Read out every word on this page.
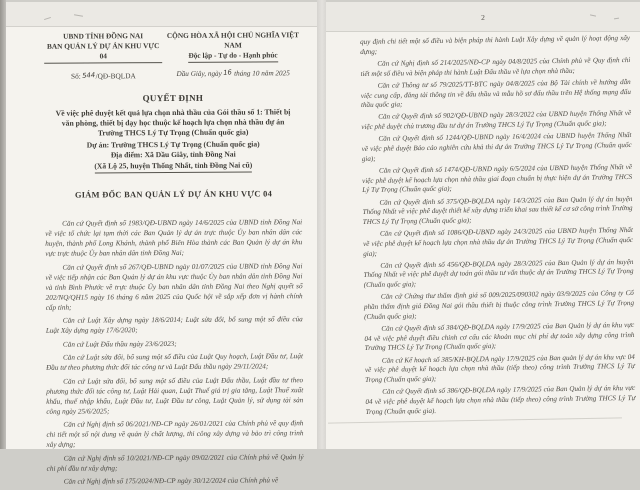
UBND TỈNH ĐỒNG NAI
BAN QUẢN LÝ DỰ ÁN KHU VỰC 04
Số: 544/QĐ-BQLDA
CỘNG HÒA XÃ HỘI CHỦ NGHĨA VIỆT NAM
Độc lập - Tự do - Hạnh phúc
Dầu Giây, ngày 16 tháng 10 năm 2025
QUYẾT ĐỊNH
Về việc phê duyệt kết quả lựa chọn nhà thầu của Gói thầu số 1: Thiết bị văn phòng, thiết bị dạy học thuộc kế hoạch lựa chọn nhà thầu dự án Trường THCS Lý Tự Trọng (Chuẩn quốc gia)
Dự án: Trường THCS Lý Tự Trọng (Chuẩn quốc gia)
Địa điểm: Xã Dầu Giây, tỉnh Đồng Nai
(Xã Lộ 25, huyện Thống Nhất, tỉnh Đồng Nai cũ)
GIÁM ĐỐC BAN QUẢN LÝ DỰ ÁN KHU VỰC 04

Căn cứ Quyết định số 1983/QĐ-UBND ngày 14/6/2025 của UBND tỉnh Đồng Nai về việc tổ chức lại tạm thời các Ban Quản lý dự án trực thuộc Ủy ban nhân dân các huyện, thành phố Long Khánh, thành phố Biên Hòa thành các Ban Quản lý dự án khu vực trực thuộc Ủy ban nhân dân tỉnh Đồng Nai;

Căn cứ Quyết định số 267/QĐ-UBND ngày 01/07/2025 của UBND tỉnh Đồng Nai về việc tiếp nhận các Ban Quản lý dự án khu vực thuộc Ủy ban nhân dân tỉnh Đồng Nai và tỉnh Bình Phước về trực thuộc Ủy ban nhân dân tỉnh Đồng Nai theo Nghị quyết số 202/NQ/QH15 ngày 16 tháng 6 năm 2025 của Quốc hội về sắp xếp đơn vị hành chính cấp tỉnh;

Căn cứ Luật Xây dựng ngày 18/6/2014; Luật sửa đổi, bổ sung một số điều của Luật Xây dựng ngày 17/6/2020;

Căn cứ Luật Đấu thầu ngày 23/6/2023;

Căn cứ Luật sửa đổi, bổ sung một số điều của Luật Quy hoạch, Luật Đầu tư, Luật Đầu tư theo phương thức đối tác công tư và Luật Đấu thầu ngày 29/11/2024;

Căn cứ Luật sửa đổi, bổ sung một số điều của Luật Đấu thầu, Luật đầu tư theo phương thức đối tác công tư, Luật Hải quan, Luật Thuế giá trị gia tăng, Luật Thuế xuất khẩu, thuế nhập khẩu, Luật Đầu tư, Luật Đầu tư công, Luật Quản lý, sử dụng tài sản công ngày 25/6/2025;

Căn cứ Nghị định số 06/2021/NĐ-CP ngày 26/01/2021 của Chính phủ về quy định chi tiết một số nội dung về quản lý chất lượng, thi công xây dựng và bảo trì công trình xây dựng;

Căn cứ Nghị định số 10/2021/NĐ-CP ngày 09/02/2021 của Chính phủ về Quản lý chi phí đầu tư xây dựng;

Căn cứ Nghị định số 175/2024/NĐ-CP ngày 30/12/2024 của Chính phủ về

2

quy định chi tiết một số điều và biện pháp thi hành Luật Xây dựng về quản lý hoạt động xây dựng;

Căn cứ Nghị định số 214/2025/NĐ-CP ngày 04/8/2025 của Chính phủ về Quy định chi tiết một số điều và biện pháp thi hành Luật Đấu thầu về lựa chọn nhà thầu;

Căn cứ Thông tư số 79/2025/TT-BTC ngày 04/8/2025 của Bộ Tài chính về hướng dẫn việc cung cấp, đăng tải thông tin về đấu thầu và mẫu hồ sơ đấu thầu trên Hệ thống mạng đấu thầu quốc gia;

Căn cứ Quyết định số 902/QĐ-UBND ngày 28/3/2022 của UBND huyện Thống Nhất về việc phê duyệt chủ trương đầu tư dự án Trường THCS Lý Tự Trọng (Chuẩn quốc gia);

Căn cứ Quyết định số 1244/QĐ-UBND ngày 16/4/2024 của UBND huyện Thống Nhất về việc phê duyệt Báo cáo nghiên cứu khả thi dự án Trường THCS Lý Tự Trọng (Chuẩn quốc gia);

Căn cứ Quyết định số 1474/QĐ-UBND ngày 6/5/2024 của UBND huyện Thống Nhất về việc phê duyệt kế hoạch lựa chọn nhà thầu giai đoạn chuẩn bị thực hiện dự án Trường THCS Lý Tự Trọng (Chuẩn quốc gia);

Căn cứ Quyết định số 375/QĐ-BQLDA ngày 14/3/2025 của Ban Quản lý dự án huyện Thống Nhất về việc phê duyệt thiết kế xây dựng triển khai sau thiết kế cơ sở công trình Trường THCS Lý Tự Trọng (Chuẩn quốc gia);

Căn cứ Quyết định số 1086/QĐ-UBND ngày 24/3/2025 của UBND huyện Thống Nhất về việc phê duyệt kế hoạch lựa chọn nhà thầu dự án Trường THCS Lý Tự Trọng (Chuẩn quốc gia);

Căn cứ Quyết định số 456/QĐ-BQLDA ngày 28/3/2025 của Ban Quản lý dự án huyện Thống Nhất về việc phê duyệt dự toán gói thầu tư vấn thuộc dự án Trường THCS Lý Tự Trọng (Chuẩn quốc gia);

Căn cứ Chứng thư thẩm định giá số 009/2025/090302 ngày 03/9/2025 của Công ty Cổ phần thẩm định giá Đồng Nai gói thầu thiết bị thuộc công trình Trường THCS Lý Tự Trọng (Chuẩn quốc gia);

Căn cứ Quyết định số 384/QĐ-BQLDA ngày 17/9/2025 của Ban Quản lý dự án khu vực 04 về việc phê duyệt điều chỉnh cơ cấu các khoản mục chi phí dự toán xây dựng công trình Trường THCS Lý Tự Trọng (Chuẩn quốc gia);

Căn cứ Kế hoạch số 385/KH-BQLDA ngày 17/9/2025 của Ban quản lý dự án khu vực 04 về việc phê duyệt kế hoạch lựa chọn nhà thầu (tiếp theo) công trình Trường THCS Lý Tự Trọng (Chuẩn quốc gia);

Căn cứ Quyết định số 386/QĐ-BQLDA ngày 17/9/2025 của Ban Quản lý dự án khu vực 04 về việc phê duyệt kế hoạch lựa chọn nhà thầu (tiếp theo) công trình Trường THCS Lý Tự Trọng (Chuẩn quốc gia).
